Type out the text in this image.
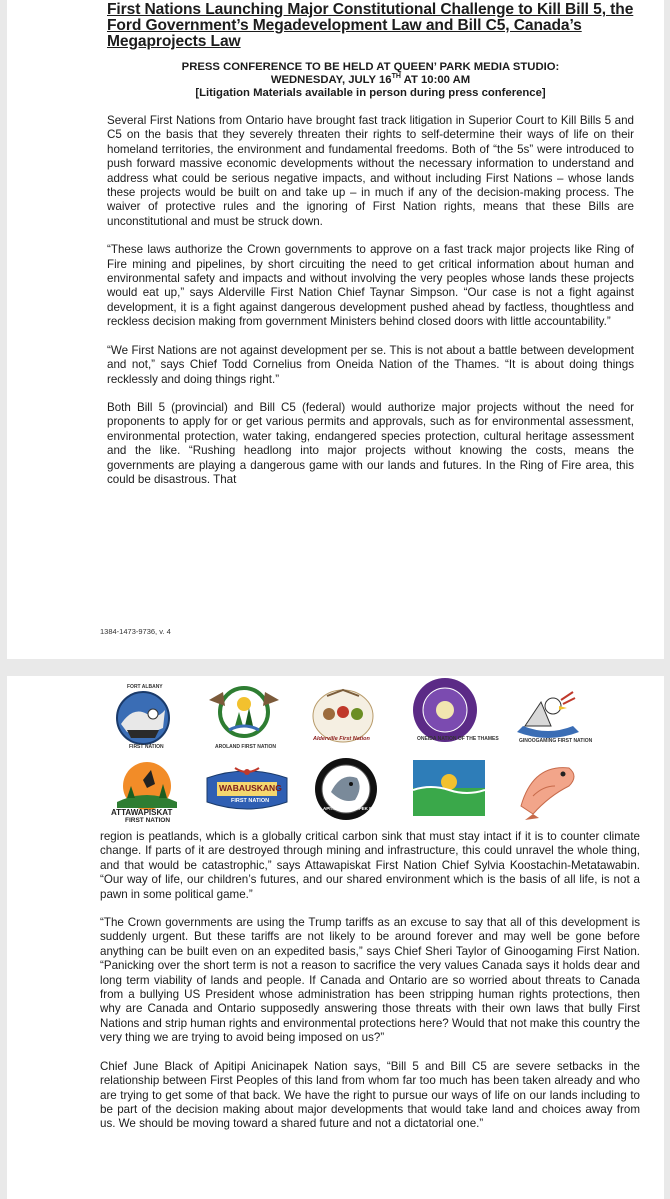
First Nations Launching Major Constitutional Challenge to Kill Bill 5, the Ford Government’s Megadevelopment Law and Bill C5, Canada’s Megaprojects Law
PRESS CONFERENCE TO BE HELD AT QUEEN’ PARK MEDIA STUDIO:
WEDNESDAY, JULY 16TH AT 10:00 AM
[Litigation Materials available in person during press conference]

Several First Nations from Ontario have brought fast track litigation in Superior Court to Kill Bills 5 and C5 on the basis that they severely threaten their rights to self-determine their ways of life on their homeland territories, the environment and fundamental freedoms. Both of “the 5s” were introduced to push forward massive economic developments without the necessary information to understand and address what could be serious negative impacts, and without including First Nations – whose lands these projects would be built on and take up – in much if any of the decision-making process. The waiver of protective rules and the ignoring of First Nation rights, means that these Bills are unconstitutional and must be struck down.

“These laws authorize the Crown governments to approve on a fast track major projects like Ring of Fire mining and pipelines, by short circuiting the need to get critical information about human and environmental safety and impacts and without involving the very peoples whose lands these projects would eat up,” says Alderville First Nation Chief Taynar Simpson. “Our case is not a fight against development, it is a fight against dangerous development pushed ahead by factless, thoughtless and reckless decision making from government Ministers behind closed doors with little accountability.”

“We First Nations are not against development per se. This is not about a battle between development and not,” says Chief Todd Cornelius from Oneida Nation of the Thames. “It is about doing things recklessly and doing things right.”

Both Bill 5 (provincial) and Bill C5 (federal) would authorize major projects without the need for proponents to apply for or get various permits and approvals, such as for environmental assessment, environmental protection, water taking, endangered species protection, cultural heritage assessment and the like. “Rushing headlong into major projects without knowing the costs, means the governments are playing a dangerous game with our lands and futures. In the Ring of Fire area, this could be disastrous. That

1384-1473-9736, v. 4
FORT ALBANY
FIRST NATION	AROLAND FIRST NATION
Alderville First Nation	ONEIDA NATION OF THE THAMES	GINOOGAMING FIRST NATION
ATTAWAPISKAT
FIRST NATION
WABAUSKANG
FIRST NATION
APITIPI ANICINAPEK NATION

region is peatlands, which is a globally critical carbon sink that must stay intact if it is to counter climate change. If parts of it are destroyed through mining and infrastructure, this could unravel the whole thing, and that would be catastrophic,” says Attawapiskat First Nation Chief Sylvia Koostachin-Metatawabin. “Our way of life, our children’s futures, and our shared environment which is the basis of all life, is not a pawn in some political game.”

“The Crown governments are using the Trump tariffs as an excuse to say that all of this development is suddenly urgent. But these tariffs are not likely to be around forever and may well be gone before anything can be built even on an expedited basis,” says Chief Sheri Taylor of Ginoogaming First Nation. “Panicking over the short term is not a reason to sacrifice the very values Canada says it holds dear and long term viability of lands and people. If Canada and Ontario are so worried about threats to Canada from a bullying US President whose administration has been stripping human rights protections, then why are Canada and Ontario supposedly answering those threats with their own laws that bully First Nations and strip human rights and environmental protections here? Would that not make this country the very thing we are trying to avoid being imposed on us?”

Chief June Black of Apitipi Anicinapek Nation says, “Bill 5 and Bill C5 are severe setbacks in the relationship between First Peoples of this land from whom far too much has been taken already and who are trying to get some of that back. We have the right to pursue our ways of life on our lands including to be part of the decision making about major developments that would take land and choices away from us. We should be moving toward a shared future and not a dictatorial one.”
